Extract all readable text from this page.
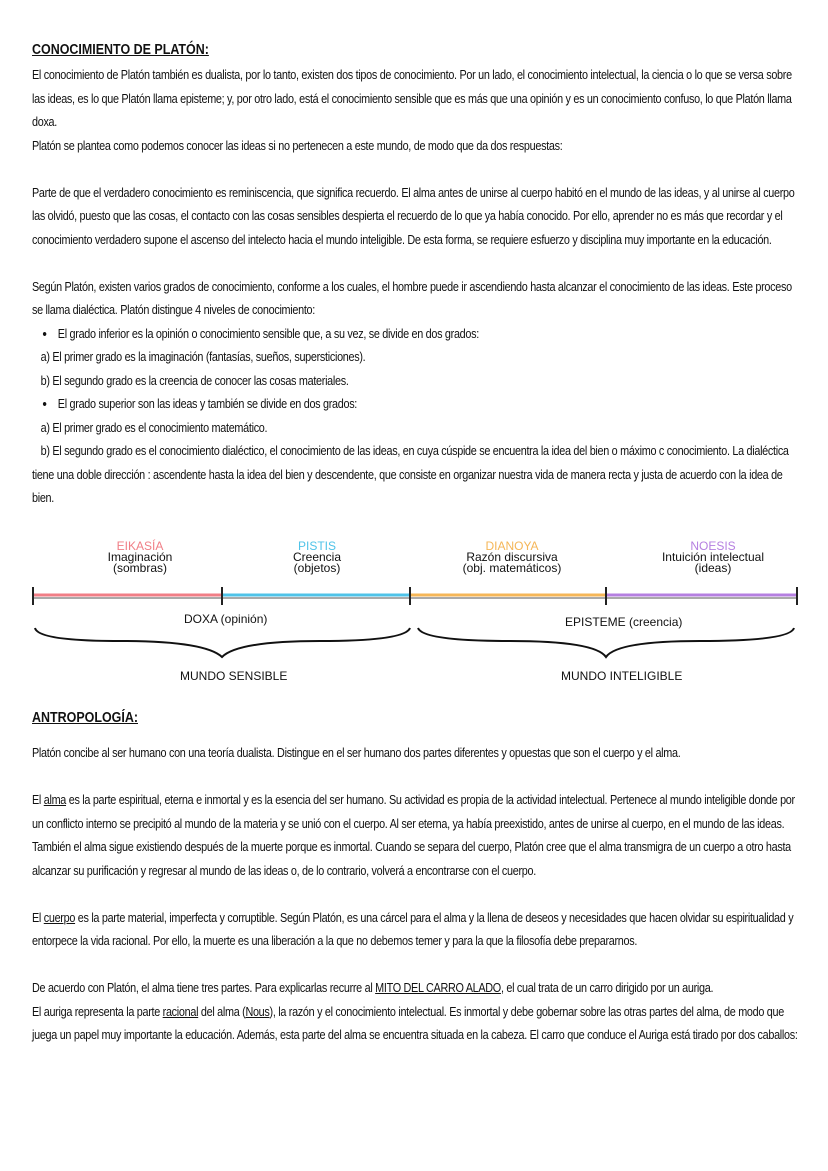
CONOCIMIENTO DE PLATÓN:

El conocimiento de Platón también es dualista, por lo tanto, existen dos tipos de conocimiento. Por un lado, el conocimiento intelectual, la ciencia o lo que se versa sobre las ideas, es lo que Platón llama episteme; y, por otro lado, está el conocimiento sensible que es más que una opinión y es un conocimiento confuso, lo que Platón llama doxa.

Platón se plantea como podemos conocer las ideas si no pertenecen a este mundo, de modo que da dos respuestas:

Parte de que el verdadero conocimiento es reminiscencia, que significa recuerdo. El alma antes de unirse al cuerpo habitó en el mundo de las ideas, y al unirse al cuerpo las olvidó, puesto que las cosas, el contacto con las cosas sensibles despierta el recuerdo de lo que ya había conocido. Por ello, aprender no es más que recordar y el conocimiento verdadero supone el ascenso del intelecto hacia el mundo inteligible. De esta forma, se requiere esfuerzo y disciplina muy importante en la educación.

Según Platón, existen varios grados de conocimiento, conforme a los cuales, el hombre puede ir ascendiendo hasta alcanzar el conocimiento de las ideas. Este proceso se llama dialéctica. Platón distingue 4 niveles de conocimiento:

• El grado inferior es la opinión o conocimiento sensible que, a su vez, se divide en dos grados:

a) El primer grado es la imaginación (fantasías, sueños, supersticiones).

b) El segundo grado es la creencia de conocer las cosas materiales.

• El grado superior son las ideas y también se divide en dos grados:

a) El primer grado es el conocimiento matemático.

b) El segundo grado es el conocimiento dialéctico, el conocimiento de las ideas, en cuya cúspide se encuentra la idea del bien o máximo c conocimiento. La dialéctica tiene una doble dirección : ascendente hasta la idea del bien y descendente, que consiste en organizar nuestra vida de manera recta y justa de acuerdo con la idea de bien.

EIKASÍA
Imaginación
(sombras)
PISTIS
Creencia
(objetos)
DIANOYA
Razón discursiva
(obj. matemáticos)
NOESIS
Intuición intelectual
(ideas)
DOXA (opinión)	EPISTEME (creencia)
MUNDO SENSIBLE	MUNDO INTELIGIBLE
ANTROPOLOGÍA:

Platón concibe al ser humano con una teoría dualista. Distingue en el ser humano dos partes diferentes y opuestas que son el cuerpo y el alma.

El alma es la parte espiritual, eterna e inmortal y es la esencia del ser humano. Su actividad es propia de la actividad intelectual. Pertenece al mundo inteligible donde por un conflicto interno se precipitó al mundo de la materia y se unió con el cuerpo. Al ser eterna, ya había preexistido, antes de unirse al cuerpo, en el mundo de las ideas. También el alma sigue existiendo después de la muerte porque es inmortal. Cuando se separa del cuerpo, Platón cree que el alma transmigra de un cuerpo a otro hasta alcanzar su purificación y regresar al mundo de las ideas o, de lo contrario, volverá a encontrarse con el cuerpo.

El cuerpo es la parte material, imperfecta y corruptible. Según Platón, es una cárcel para el alma y la llena de deseos y necesidades que hacen olvidar su espiritualidad y entorpece la vida racional. Por ello, la muerte es una liberación a la que no debemos temer y para la que la filosofía debe prepararnos.

De acuerdo con Platón, el alma tiene tres partes. Para explicarlas recurre al MITO DEL CARRO ALADO, el cual trata de un carro dirigido por un auriga.

El auriga representa la parte racional del alma (Nous), la razón y el conocimiento intelectual. Es inmortal y debe gobernar sobre las otras partes del alma, de modo que juega un papel muy importante la educación. Además, esta parte del alma se encuentra situada en la cabeza. El carro que conduce el Auriga está tirado por dos caballos:
